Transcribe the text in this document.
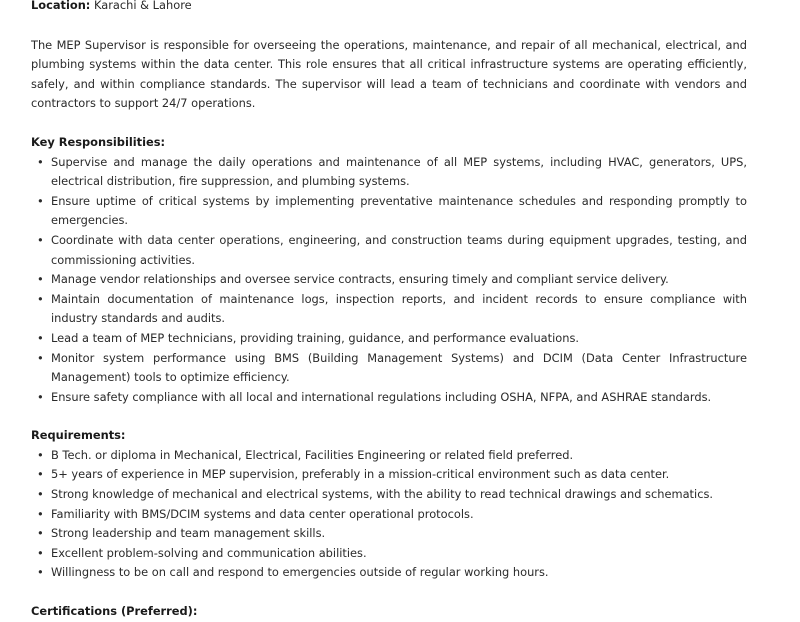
Location: Karachi & Lahore

The MEP Supervisor is responsible for overseeing the operations, maintenance, and repair of all mechanical, electrical, and plumbing systems within the data center. This role ensures that all critical infrastructure systems are operating efficiently, safely, and within compliance standards. The supervisor will lead a team of technicians and coordinate with vendors and contractors to support 24/7 operations.

Key Responsibilities:

• Supervise and manage the daily operations and maintenance of all MEP systems, including HVAC, generators, UPS, electrical distribution, fire suppression, and plumbing systems.
• Ensure uptime of critical systems by implementing preventative maintenance schedules and responding promptly to emergencies.
• Coordinate with data center operations, engineering, and construction teams during equipment upgrades, testing, and commissioning activities.
• Manage vendor relationships and oversee service contracts, ensuring timely and compliant service delivery.
• Maintain documentation of maintenance logs, inspection reports, and incident records to ensure compliance with industry standards and audits.
• Lead a team of MEP technicians, providing training, guidance, and performance evaluations.
• Monitor system performance using BMS (Building Management Systems) and DCIM (Data Center Infrastructure Management) tools to optimize efficiency.
• Ensure safety compliance with all local and international regulations including OSHA, NFPA, and ASHRAE standards.

Requirements:

• B Tech. or diploma in Mechanical, Electrical, Facilities Engineering or related field preferred.
• 5+ years of experience in MEP supervision, preferably in a mission-critical environment such as data center.
• Strong knowledge of mechanical and electrical systems, with the ability to read technical drawings and schematics.
• Familiarity with BMS/DCIM systems and data center operational protocols.
• Strong leadership and team management skills.
• Excellent problem-solving and communication abilities.
• Willingness to be on call and respond to emergencies outside of regular working hours.

Certifications (Preferred):
